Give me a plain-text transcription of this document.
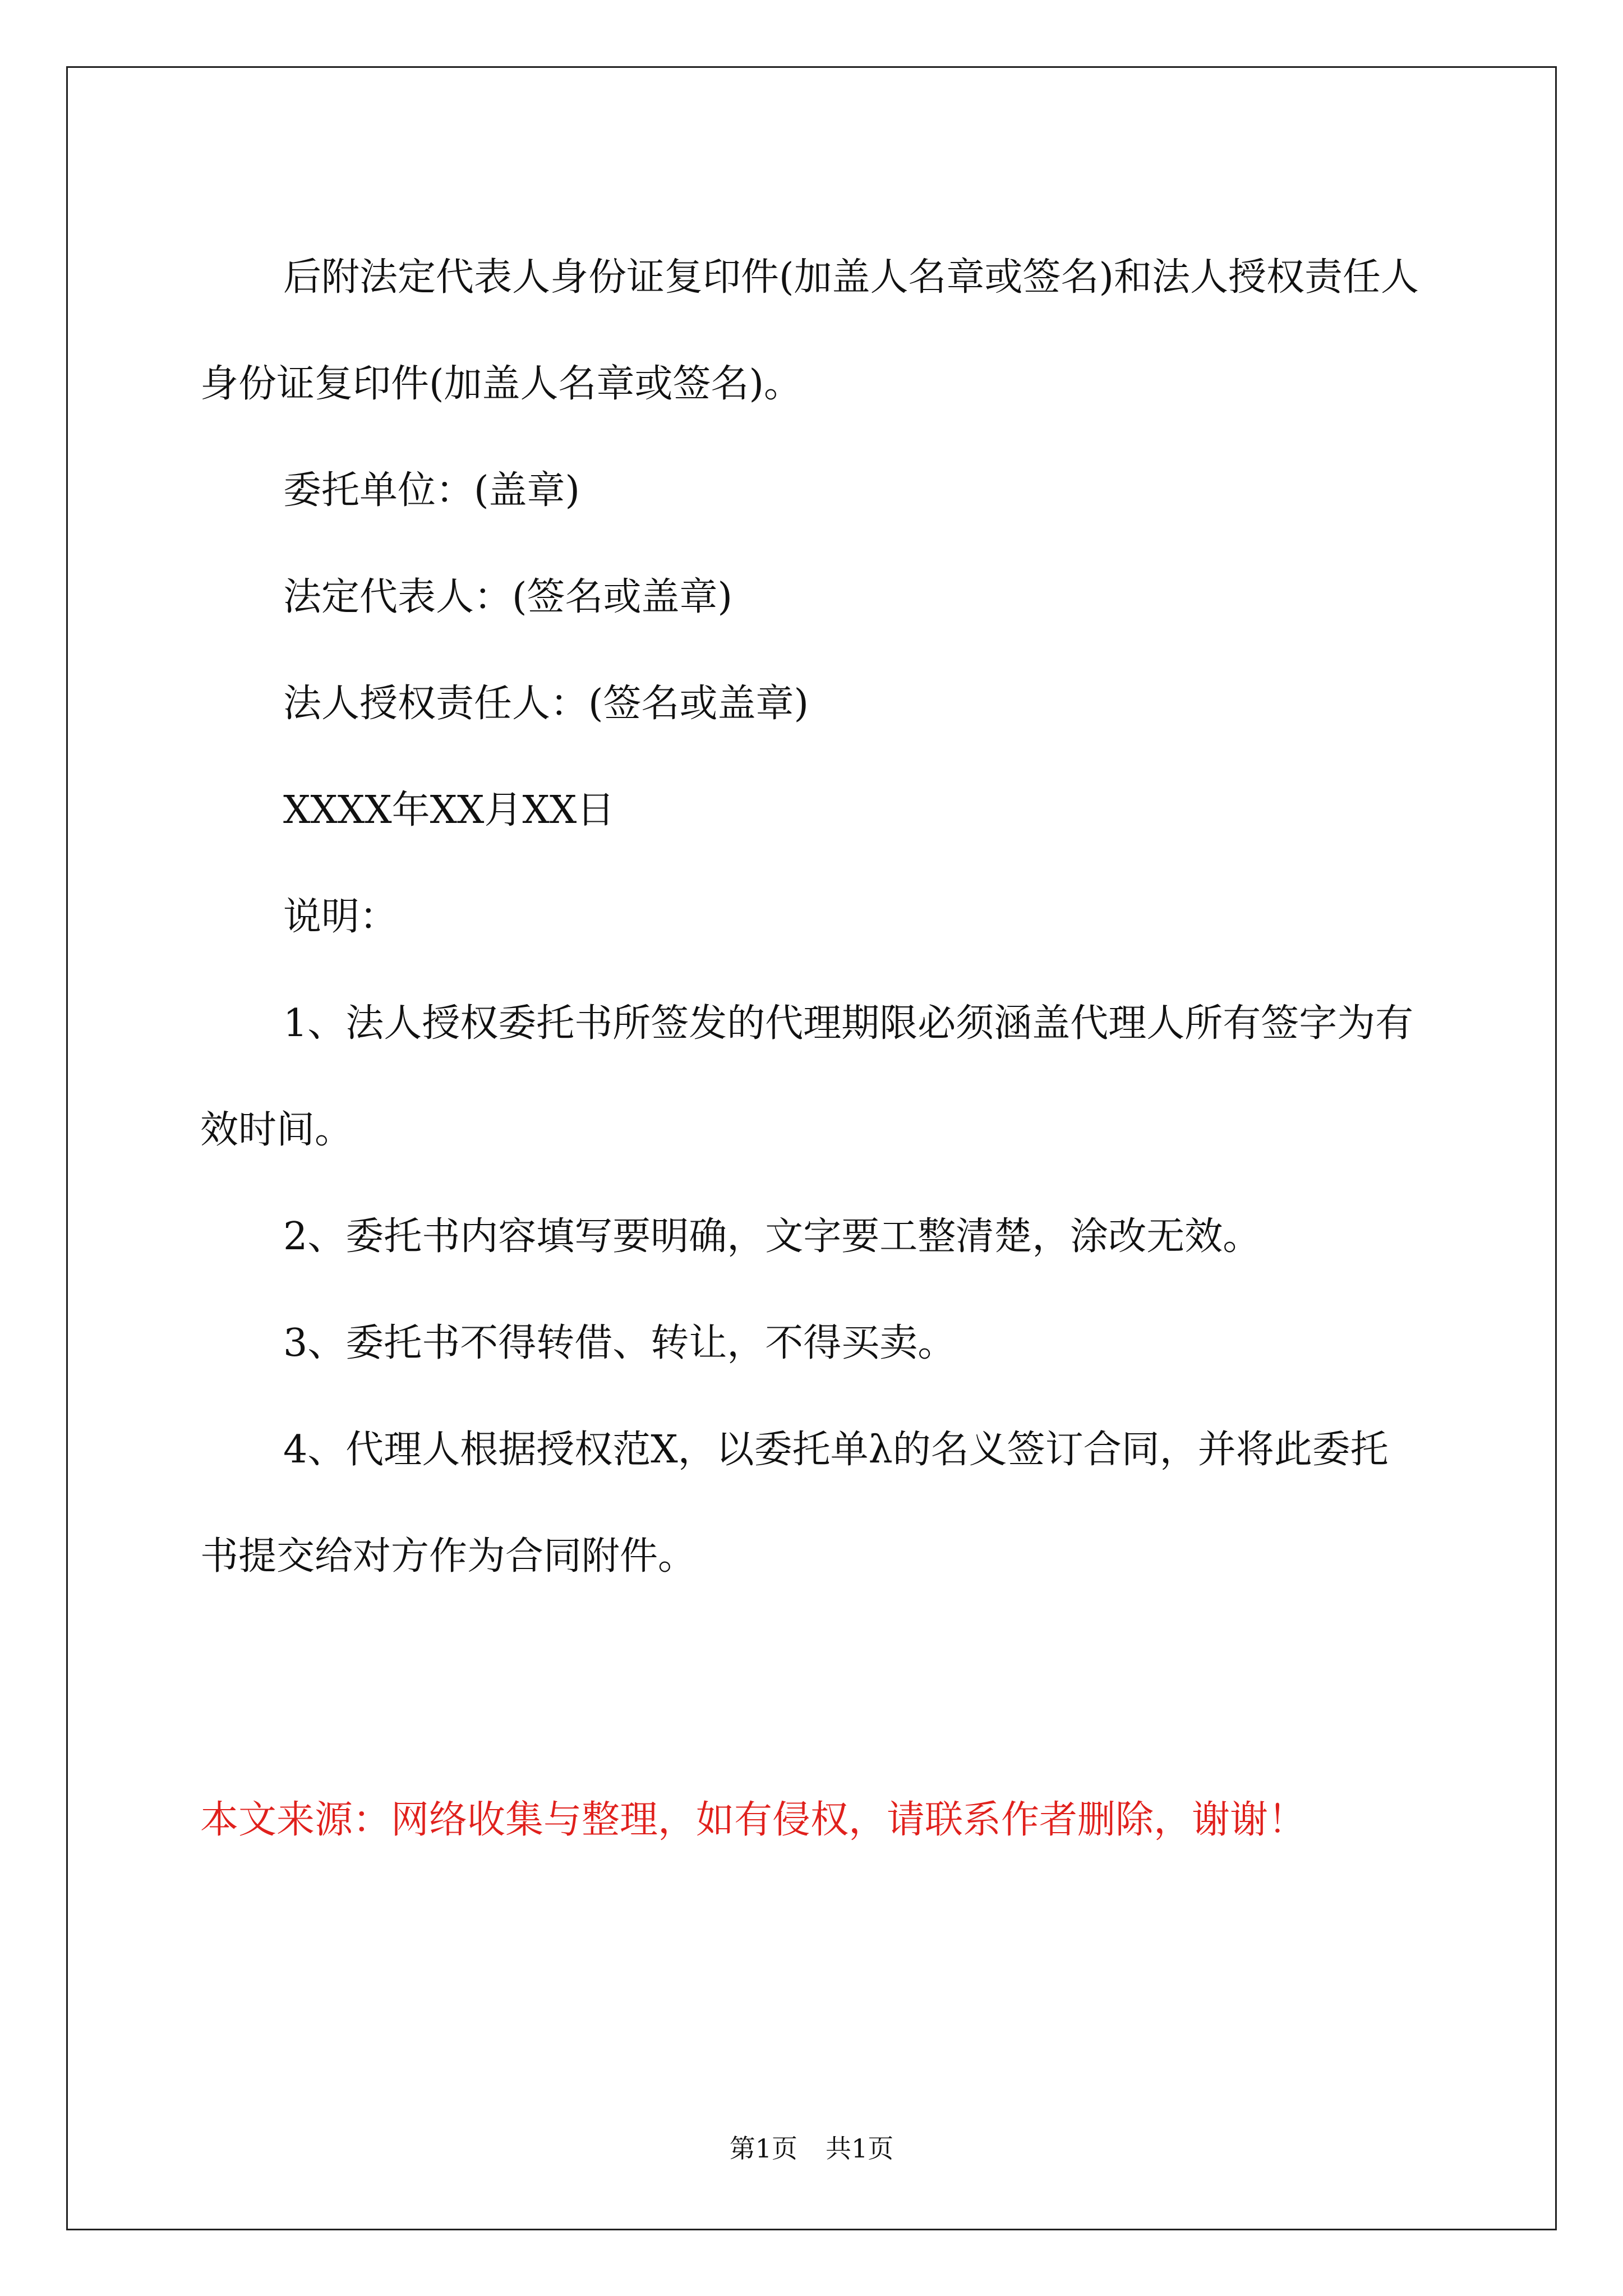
后附法定代表人身份证复印件(加盖人名章或签名)和法人授权责任人身份证复印件(加盖人名章或签名)。

委托单位：(盖章)

法定代表人：(签名或盖章)

法人授权责任人：(签名或盖章)

XXXX年XX月XX日

说明：

1、法人授权委托书所签发的代理期限必须涵盖代理人所有签字为有效时间。

2、委托书内容填写要明确，文字要工整清楚，涂改无效。

3、委托书不得转借、转让，不得买卖。

4、代理人根据授权范X，以委托单λ的名义签订合同，并将此委托书提交给对方作为合同附件。

本文来源：网络收集与整理，如有侵权，请联系作者删除，谢谢！
第1页 共1页
